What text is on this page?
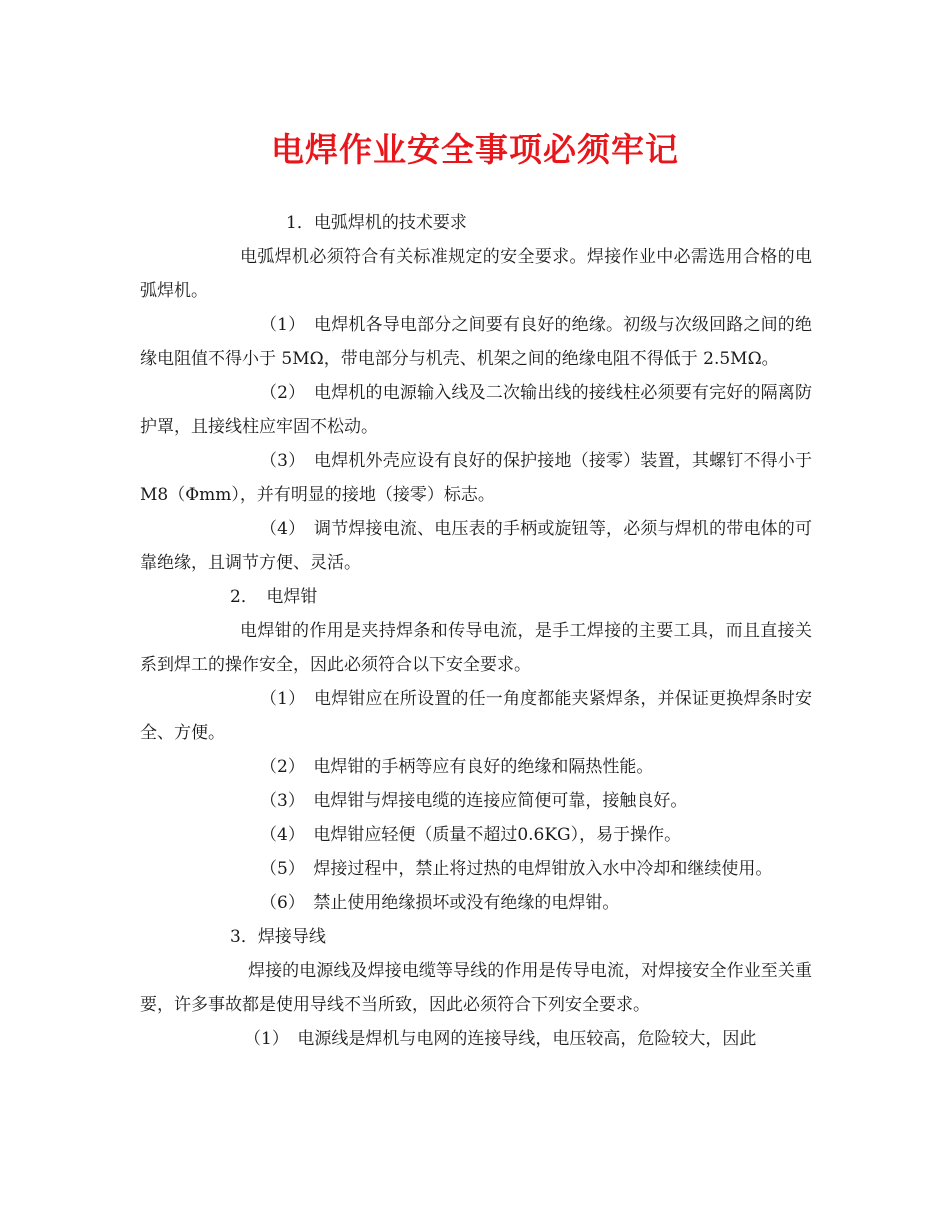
电焊作业安全事项必须牢记

1．电弧焊机的技术要求

电弧焊机必须符合有关标准规定的安全要求。焊接作业中必需选用合格的电弧焊机。

（1）　电焊机各导电部分之间要有良好的绝缘。初级与次级回路之间的绝缘电阻值不得小于 5MΩ，带电部分与机壳、机架之间的绝缘电阻不得低于 2.5MΩ。

（2）　电焊机的电源输入线及二次输出线的接线柱必须要有完好的隔离防护罩，且接线柱应牢固不松动。

（3）　电焊机外壳应设有良好的保护接地（接零）装置，其螺钉不得小于M8（Φmm），并有明显的接地（接零）标志。

（4）　调节焊接电流、电压表的手柄或旋钮等，必须与焊机的带电体的可靠绝缘，且调节方便、灵活。

2．　电焊钳

电焊钳的作用是夹持焊条和传导电流，是手工焊接的主要工具，而且直接关系到焊工的操作安全，因此必须符合以下安全要求。

（1）　电焊钳应在所设置的任一角度都能夹紧焊条，并保证更换焊条时安全、方便。

（2）　电焊钳的手柄等应有良好的绝缘和隔热性能。

（3）　电焊钳与焊接电缆的连接应简便可靠，接触良好。

（4）　电焊钳应轻便（质量不超过0.6KG），易于操作。

（5）　焊接过程中，禁止将过热的电焊钳放入水中冷却和继续使用。

（6）　禁止使用绝缘损坏或没有绝缘的电焊钳。

3．焊接导线

焊接的电源线及焊接电缆等导线的作用是传导电流，对焊接安全作业至关重要，许多事故都是使用导线不当所致，因此必须符合下列安全要求。

（1）　电源线是焊机与电网的连接导线，电压较高，危险较大，因此
